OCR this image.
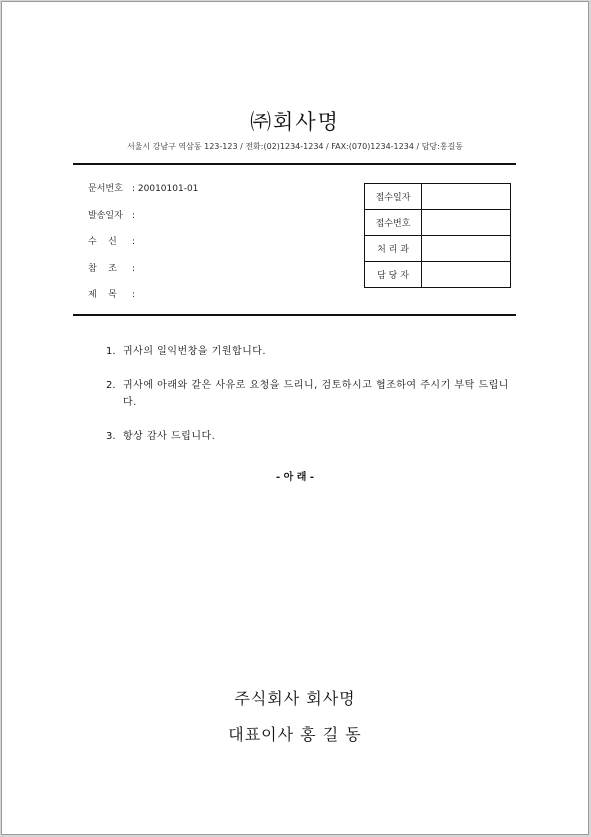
㈜회사명
서울시 강남구 역삼동 123-123 / 전화:(02)1234-1234 / FAX:(070)1234-1234 / 담당:홍길동
문서번호 : 20010101-01
발송일자 :
수    신 :
참    조 :
제    목 :
접수일자	
접수번호	
처 리 과	
담 당 자	
1. 귀사의 일익번창을 기원합니다.
2. 귀사에 아래와 같은 사유로 요청을 드리니, 검토하시고 협조하여 주시기 부탁 드립니다.
3. 항상 감사 드립니다.
- 아 래 -
주식회사 회사명
대표이사 홍 길 동
